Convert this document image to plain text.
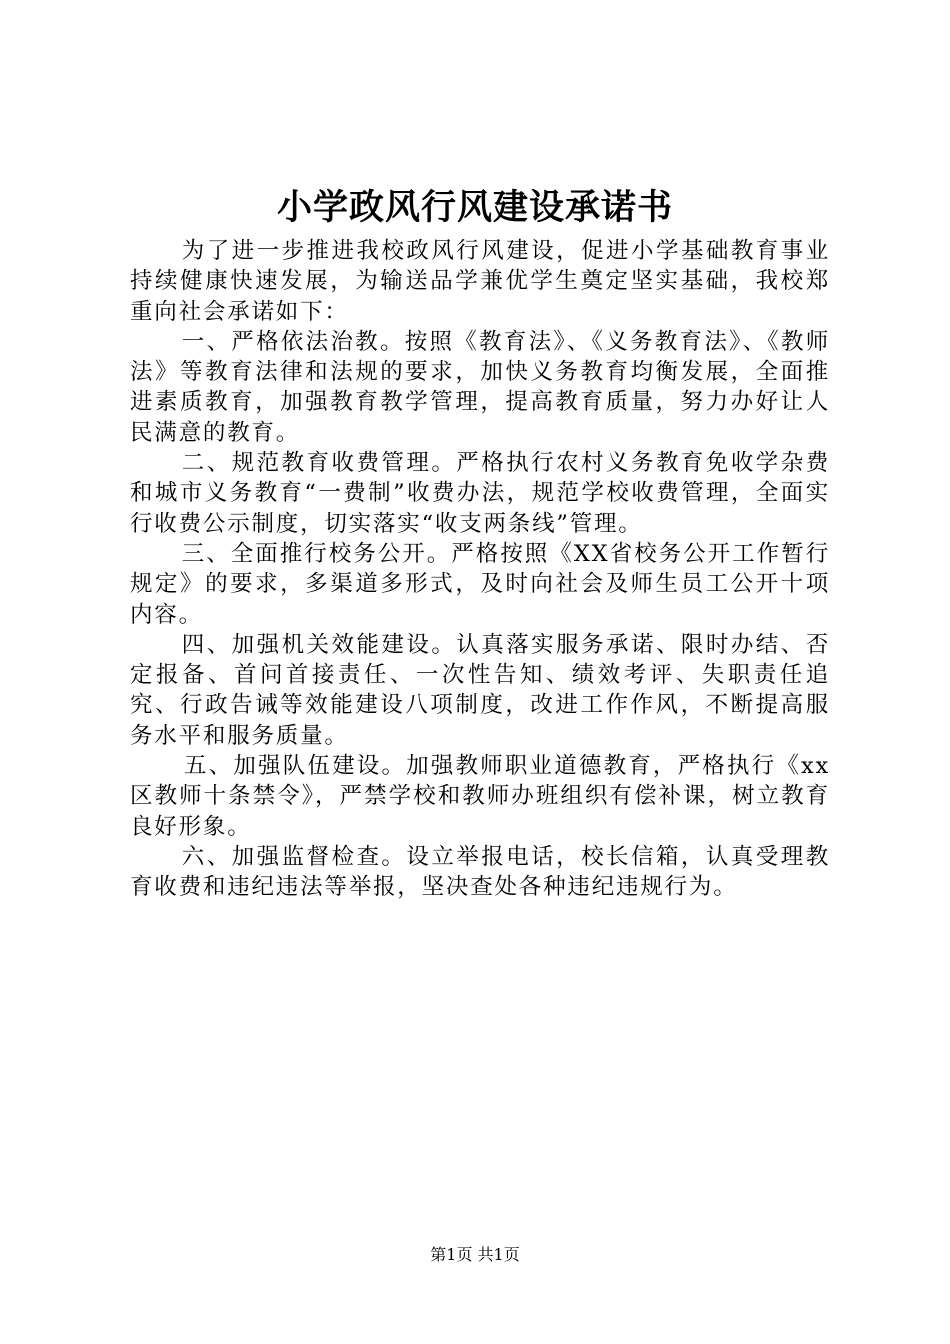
小学政风行风建设承诺书

为了进一步推进我校政风行风建设，促进小学基础教育事业持续健康快速发展，为输送品学兼优学生奠定坚实基础，我校郑重向社会承诺如下：

一、严格依法治教。按照《教育法》、《义务教育法》、《教师法》等教育法律和法规的要求，加快义务教育均衡发展，全面推进素质教育，加强教育教学管理，提高教育质量，努力办好让人民满意的教育。

二、规范教育收费管理。严格执行农村义务教育免收学杂费和城市义务教育“一费制”收费办法，规范学校收费管理，全面实行收费公示制度，切实落实“收支两条线”管理。

三、全面推行校务公开。严格按照《XX省校务公开工作暂行规定》的要求，多渠道多形式，及时向社会及师生员工公开十项内容。

四、加强机关效能建设。认真落实服务承诺、限时办结、否定报备、首问首接责任、一次性告知、绩效考评、失职责任追究、行政告诫等效能建设八项制度，改进工作作风，不断提高服务水平和服务质量。

五、加强队伍建设。加强教师职业道德教育，严格执行《xx区教师十条禁令》，严禁学校和教师办班组织有偿补课，树立教育良好形象。

六、加强监督检查。设立举报电话，校长信箱，认真受理教育收费和违纪违法等举报，坚决查处各种违纪违规行为。

第1页 共1页
